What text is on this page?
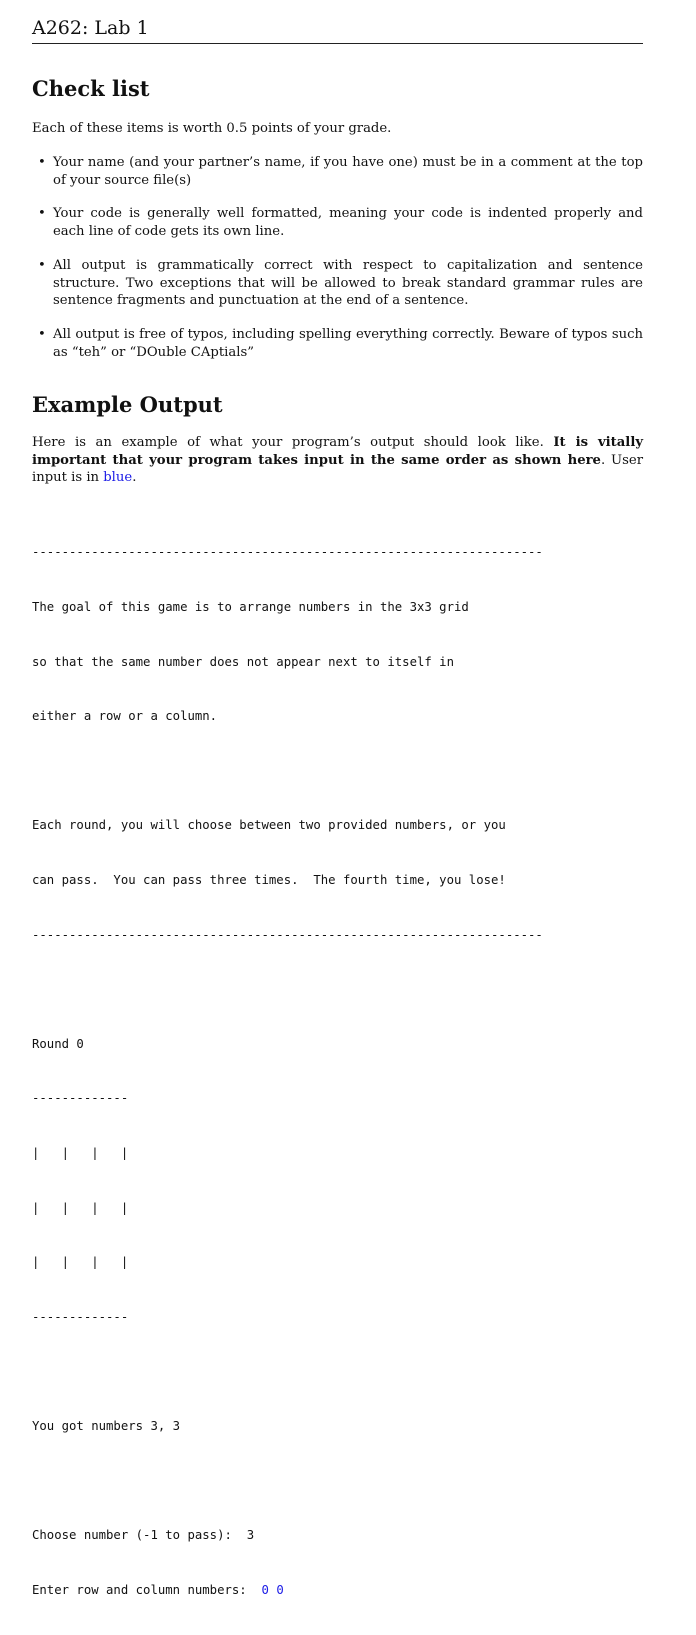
A262: Lab 1
Check list
Each of these items is worth 0.5 points of your grade.
• Your name (and your partner’s name, if you have one) must be in a comment at the top of your source file(s)
• Your code is generally well formatted, meaning your code is indented properly and each line of code gets its own line.
• All output is grammatically correct with respect to capitalization and sentence structure. Two exceptions that will be allowed to break standard grammar rules are sentence fragments and punctuation at the end of a sentence.
• All output is free of typos, including spelling everything correctly. Beware of typos such as “teh” or “DOuble CAptials”
Example Output
Here is an example of what your program’s output should look like. It is vitally important that your program takes input in the same order as shown here. User input is in blue.

---------------------------------------------------------------------

The goal of this game is to arrange numbers in the 3x3 grid

so that the same number does not appear next to itself in

either a row or a column.

Each round, you will choose between two provided numbers, or you

can pass.  You can pass three times.  The fourth time, you lose!

---------------------------------------------------------------------

Round 0

-------------

|   |   |   |

|   |   |   |

|   |   |   |

-------------

You got numbers 3, 3

Choose number (-1 to pass):  3

Enter row and column numbers:  0 0
